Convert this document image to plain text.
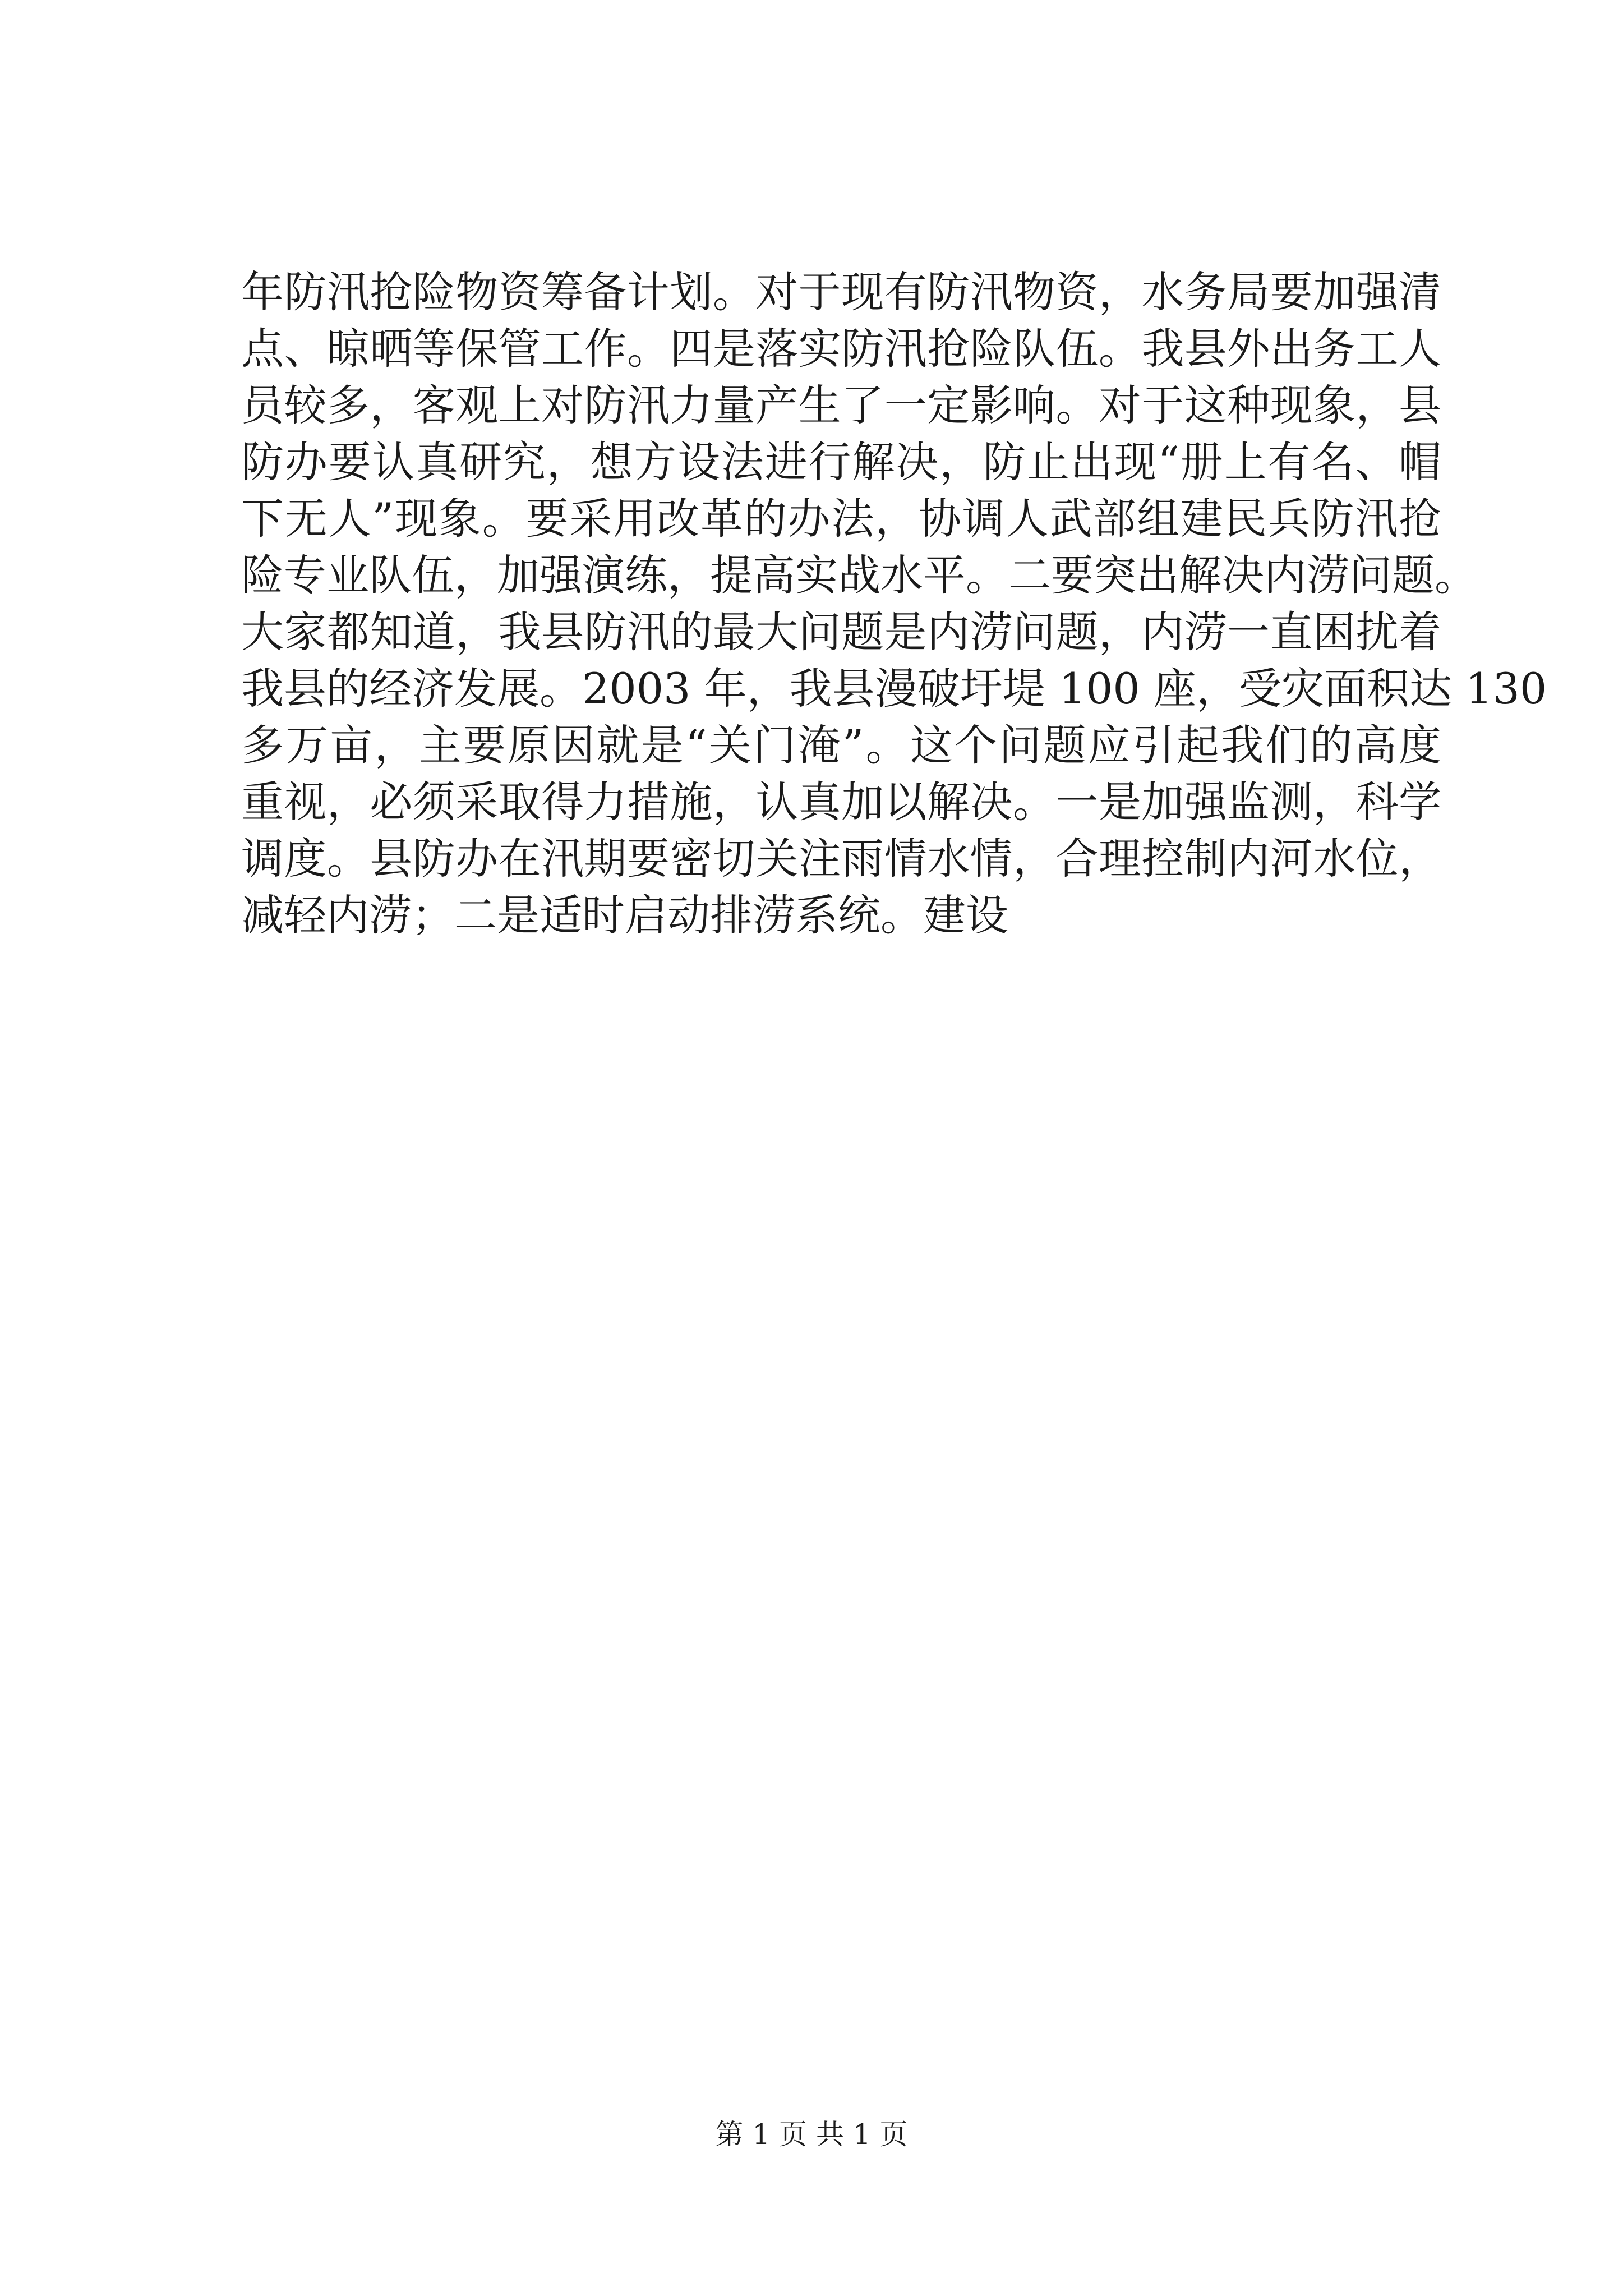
年防汛抢险物资筹备计划。对于现有防汛物资，水务局要加强清
点、晾晒等保管工作。四是落实防汛抢险队伍。我县外出务工人
员较多，客观上对防汛力量产生了一定影响。对于这种现象，县
防办要认真研究，想方设法进行解决，防止出现“册上有名、帽
下无人”现象。要采用改革的办法，协调人武部组建民兵防汛抢
险专业队伍，加强演练，提高实战水平。二要突出解决内涝问题。
大家都知道，我县防汛的最大问题是内涝问题，内涝一直困扰着
我县的经济发展。2003 年，我县漫破圩堤 100 座，受灾面积达 130
多万亩，主要原因就是“关门淹”。这个问题应引起我们的高度
重视，必须采取得力措施，认真加以解决。一是加强监测，科学
调度。县防办在汛期要密切关注雨情水情，合理控制内河水位，
减轻内涝；二是适时启动排涝系统。建设
第 1 页 共 1 页
